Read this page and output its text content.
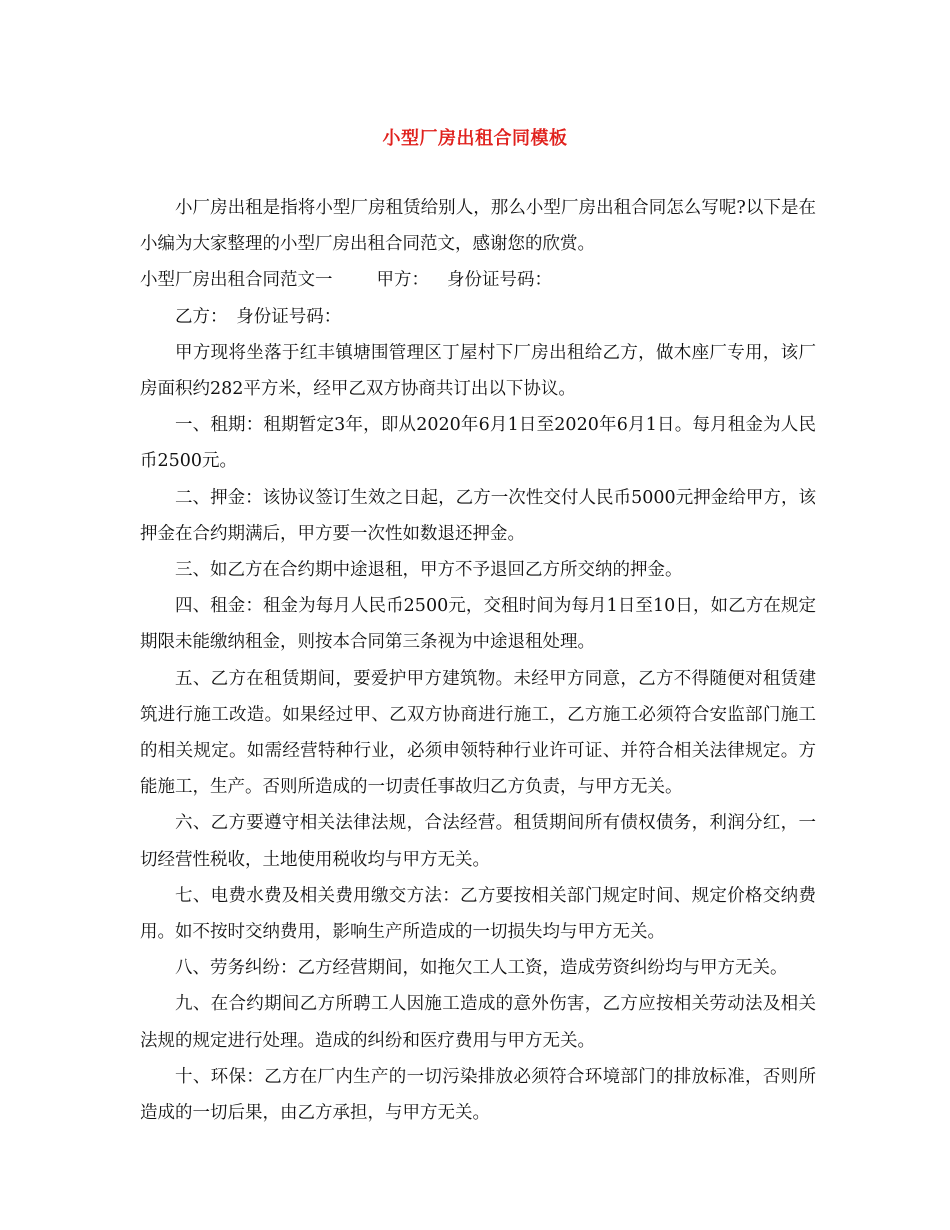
小型厂房出租合同模板

小厂房出租是指将小型厂房租赁给别人，那么小型厂房出租合同怎么写呢?以下是在小编为大家整理的小型厂房出租合同范文，感谢您的欣赏。

小型厂房出租合同范文一	甲方： 身份证号码：

乙方：　身份证号码：

甲方现将坐落于红丰镇塘围管理区丁屋村下厂房出租给乙方，做木座厂专用，该厂房面积约282平方米，经甲乙双方协商共订出以下协议。

一、租期：租期暂定3年，即从2020年6月1日至2020年6月1日。每月租金为人民币2500元。

二、押金：该协议签订生效之日起，乙方一次性交付人民币5000元押金给甲方，该押金在合约期满后，甲方要一次性如数退还押金。

三、如乙方在合约期中途退租，甲方不予退回乙方所交纳的押金。

四、租金：租金为每月人民币2500元，交租时间为每月1日至10日，如乙方在规定期限未能缴纳租金，则按本合同第三条视为中途退租处理。

五、乙方在租赁期间，要爱护甲方建筑物。未经甲方同意，乙方不得随便对租赁建筑进行施工改造。如果经过甲、乙双方协商进行施工，乙方施工必须符合安监部门施工的相关规定。如需经营特种行业，必须申领特种行业许可证、并符合相关法律规定。方能施工，生产。否则所造成的一切责任事故归乙方负责，与甲方无关。

六、乙方要遵守相关法律法规，合法经营。租赁期间所有债权债务，利润分红，一切经营性税收，土地使用税收均与甲方无关。

七、电费水费及相关费用缴交方法：乙方要按相关部门规定时间、规定价格交纳费用。如不按时交纳费用，影响生产所造成的一切损失均与甲方无关。

八、劳务纠纷：乙方经营期间，如拖欠工人工资，造成劳资纠纷均与甲方无关。

九、在合约期间乙方所聘工人因施工造成的意外伤害，乙方应按相关劳动法及相关法规的规定进行处理。造成的纠纷和医疗费用与甲方无关。

十、环保：乙方在厂内生产的一切污染排放必须符合环境部门的排放标准，否则所造成的一切后果，由乙方承担，与甲方无关。
